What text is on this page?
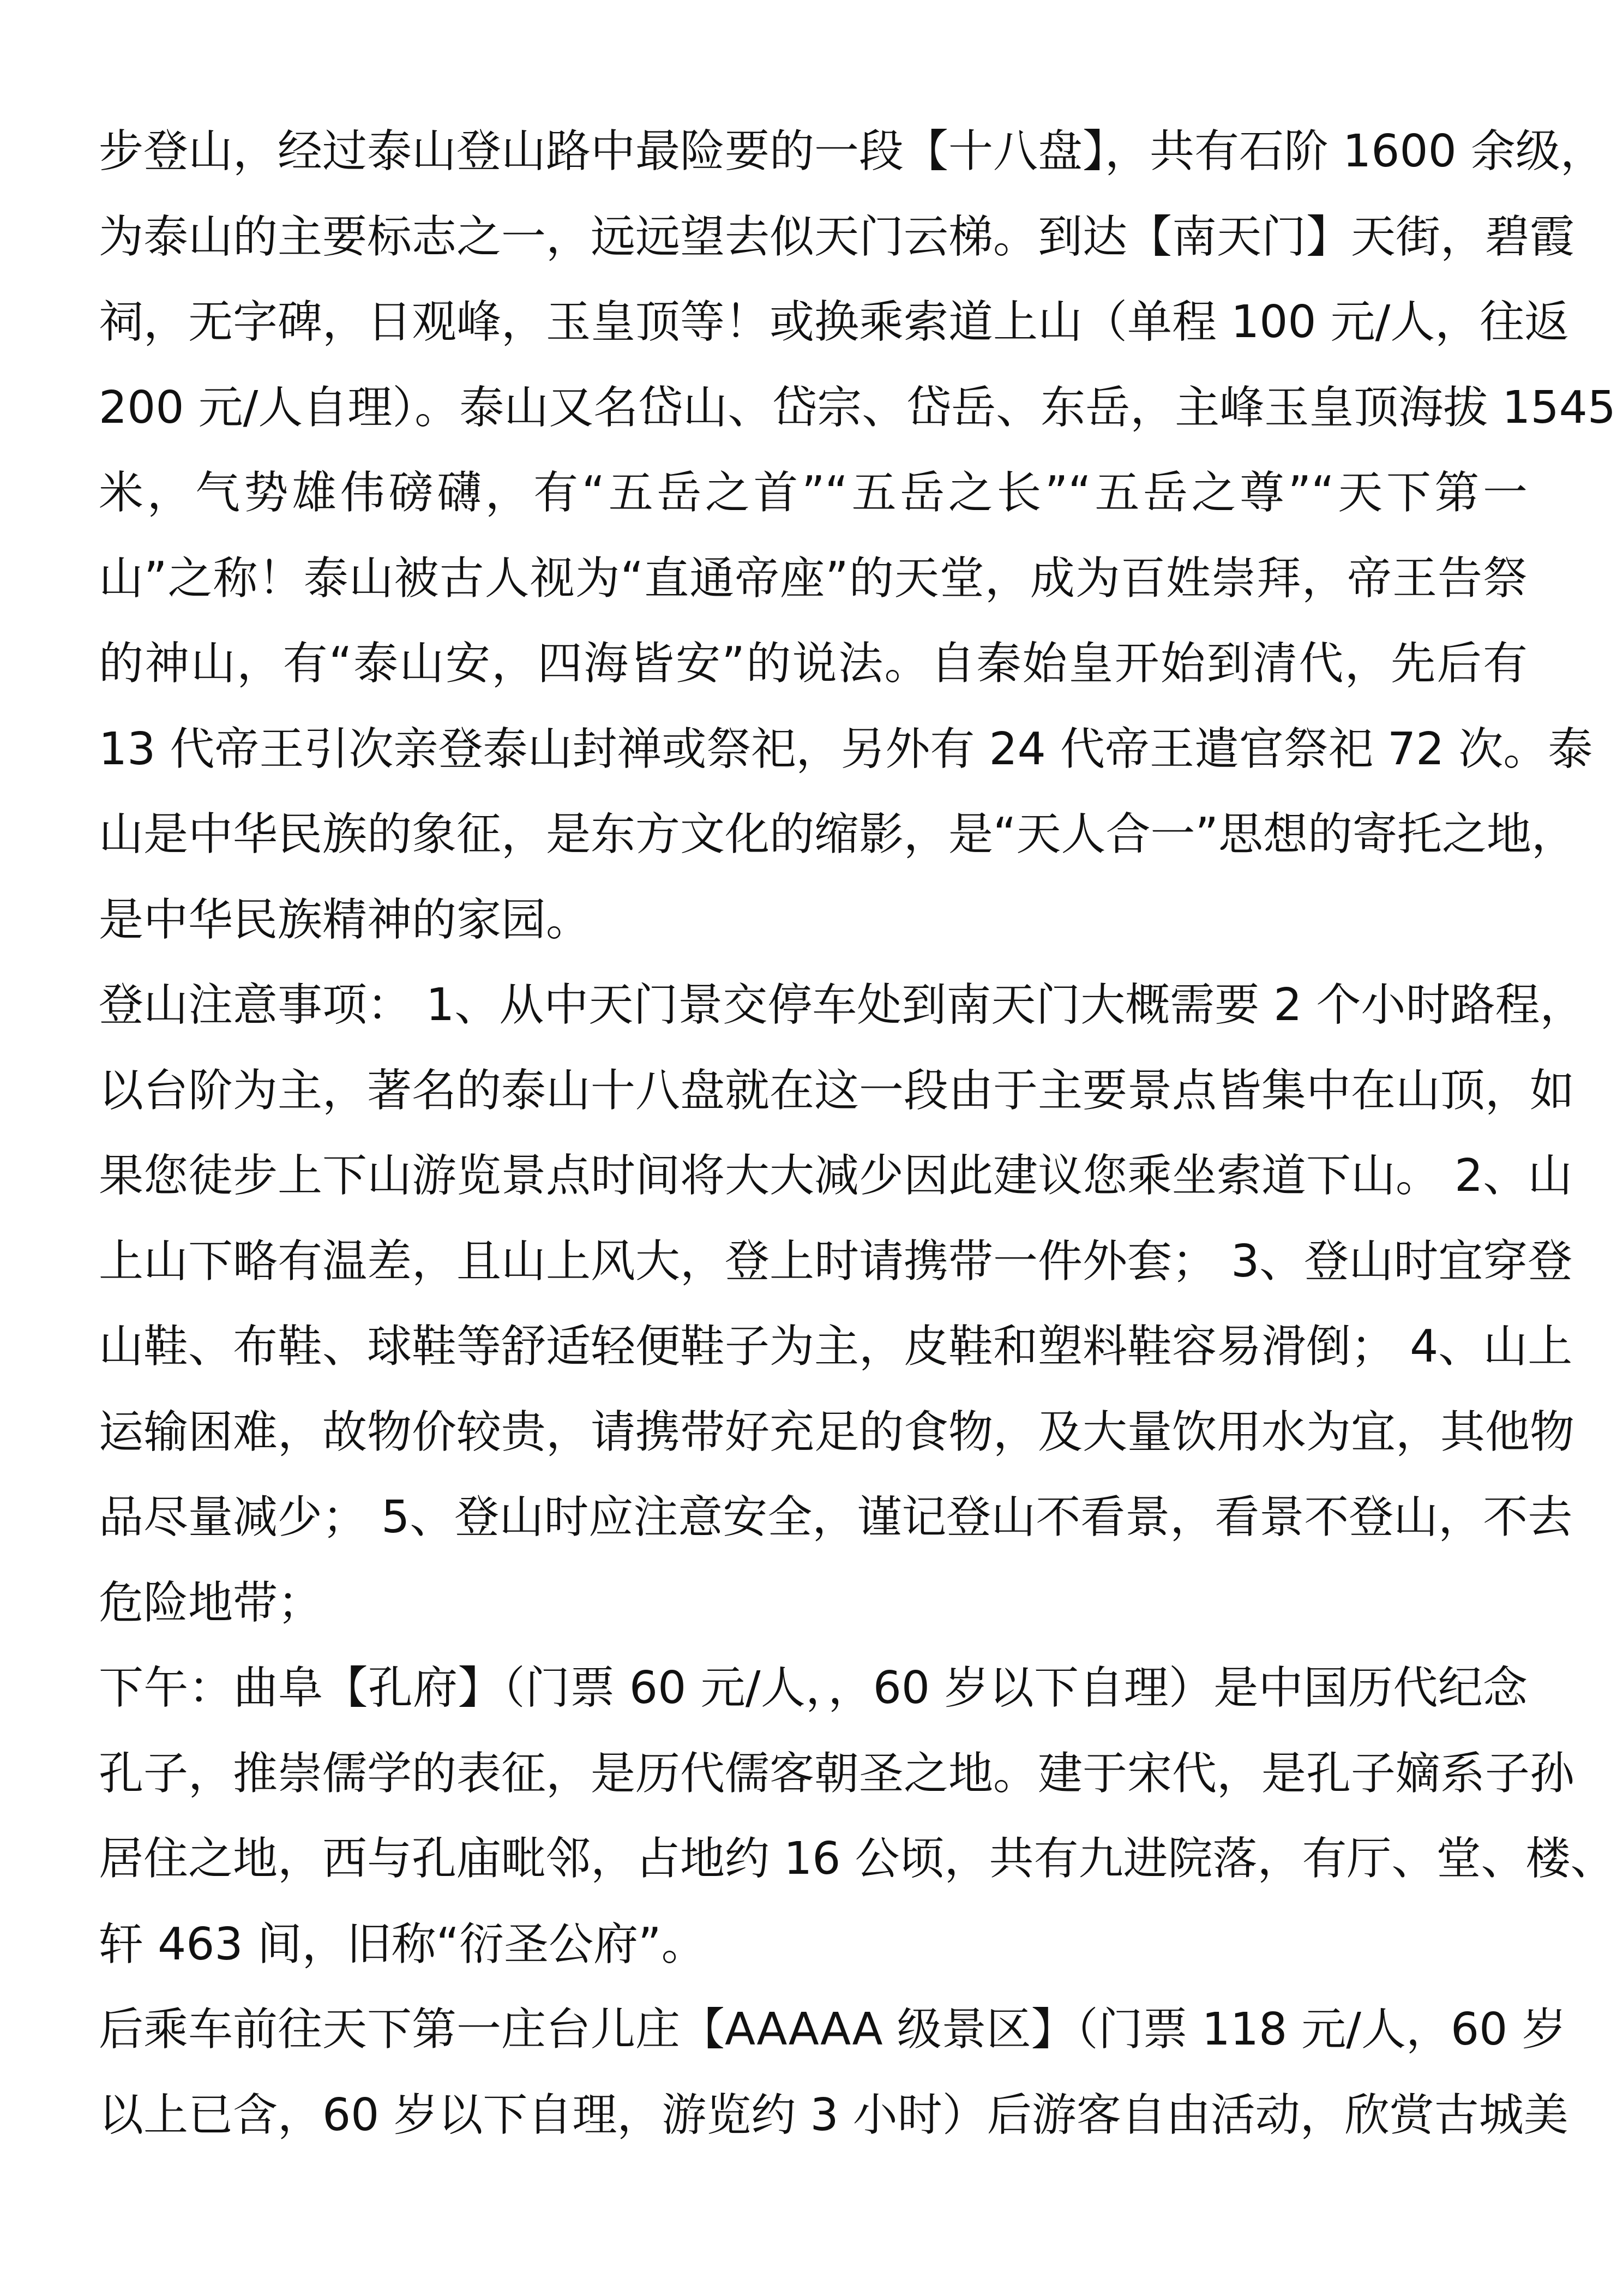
步登山，经过泰山登山路中最险要的一段【十八盘】，共有石阶 1600 余级，
为泰山的主要标志之一，远远望去似天门云梯。到达【南天门】天街，碧霞
祠，无字碑，日观峰，玉皇顶等！或换乘索道上山（单程 100 元/人，往返
200 元/人自理）。泰山又名岱山、岱宗、岱岳、东岳，主峰玉皇顶海拔 1545
米，气势雄伟磅礴，有“五岳之首”“五岳之长”“五岳之尊”“天下第一
山”之称！泰山被古人视为“直通帝座”的天堂，成为百姓崇拜，帝王告祭
的神山，有“泰山安，四海皆安”的说法。自秦始皇开始到清代，先后有
13 代帝王引次亲登泰山封禅或祭祀，另外有 24 代帝王遣官祭祀 72 次。泰
山是中华民族的象征，是东方文化的缩影，是“天人合一”思想的寄托之地，
是中华民族精神的家园。
登山注意事项： 1、从中天门景交停车处到南天门大概需要 2 个小时路程，
以台阶为主，著名的泰山十八盘就在这一段由于主要景点皆集中在山顶，如
果您徒步上下山游览景点时间将大大减少因此建议您乘坐索道下山。 2、山
上山下略有温差，且山上风大，登上时请携带一件外套； 3、登山时宜穿登
山鞋、布鞋、球鞋等舒适轻便鞋子为主，皮鞋和塑料鞋容易滑倒； 4、山上
运输困难，故物价较贵，请携带好充足的食物，及大量饮用水为宜，其他物
品尽量减少； 5、登山时应注意安全，谨记登山不看景，看景不登山，不去
危险地带；
下午：曲阜【孔府】（门票 60 元/人，，60 岁以下自理）是中国历代纪念
孔子，推崇儒学的表征，是历代儒客朝圣之地。建于宋代，是孔子嫡系子孙
居住之地，西与孔庙毗邻，占地约 16 公顷，共有九进院落，有厅、堂、楼、
轩 463 间，旧称“衍圣公府”。
后乘车前往天下第一庄台儿庄【AAAAA 级景区】（门票 118 元/人，60 岁
以上已含，60 岁以下自理，游览约 3 小时）后游客自由活动，欣赏古城美
